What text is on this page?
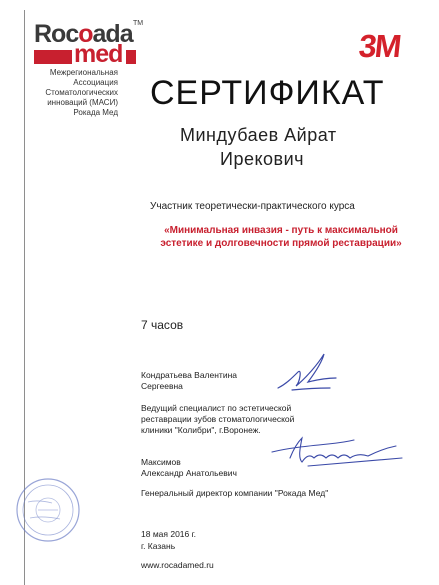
Rocoada
med
TM
Межрегиональная
Ассоциация
Стоматологических
инноваций (МАСИ)
Рокада Мед
3M
СЕРТИФИКАТ
Миндубаев Айрат
Ирекович
Участник теоретически-практического курса
«Минимальная инвазия - путь к максимальной
эстетике и долговечности прямой реставрации»
7 часов
Кондратьева Валентина
Сергеевна
Ведущий специалист по эстетической
реставрации зубов стоматологической
клиники "Колибри", г.Воронеж.
Максимов
Александр Анатольевич
Генеральный директор компании "Рокада Мед"
18 мая 2016 г.
г. Казань
www.rocadamed.ru
